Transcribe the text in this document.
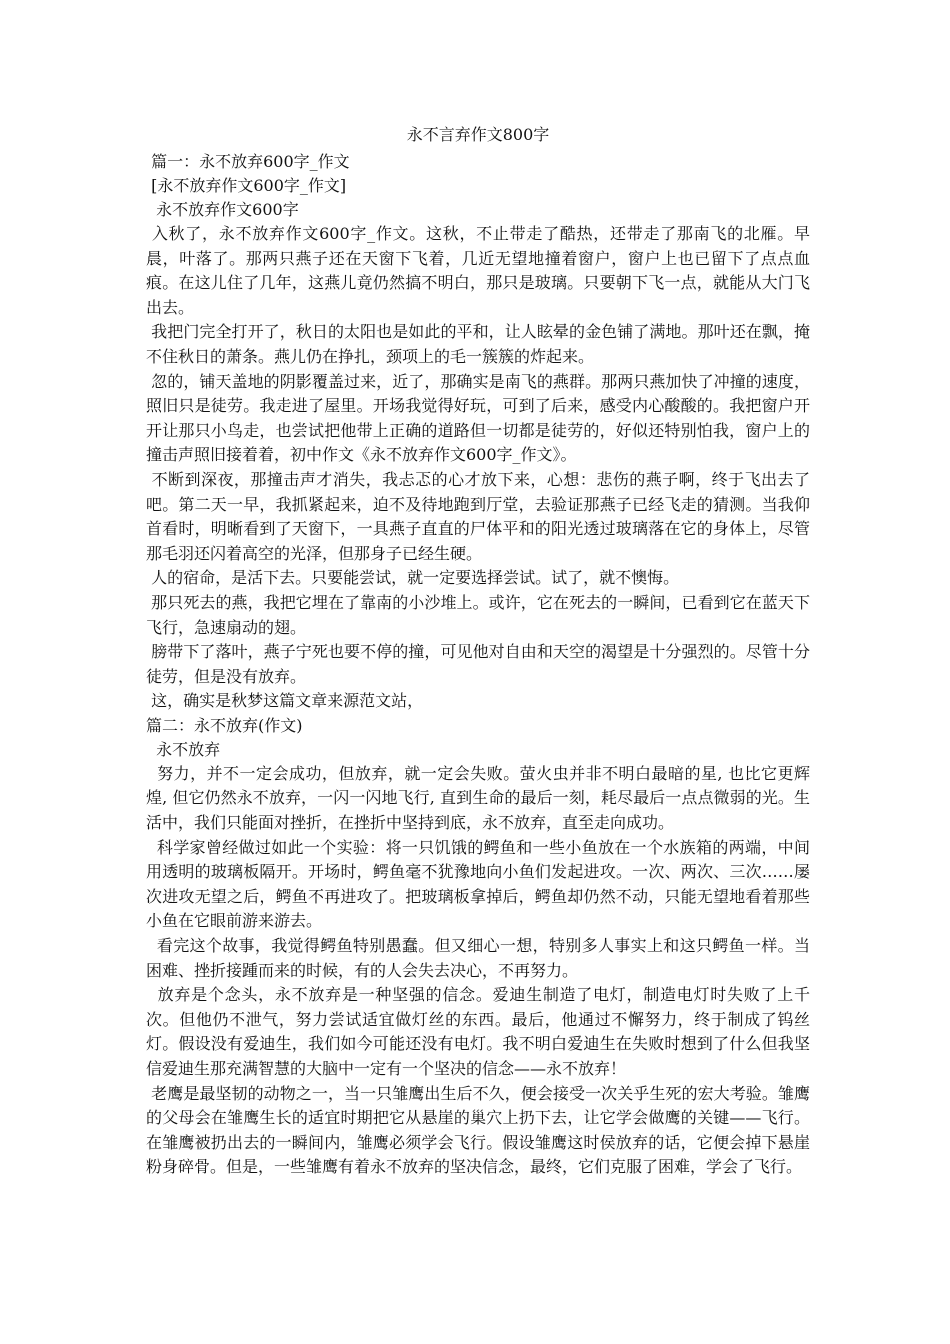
永不言弃作文800字
篇一：永不放弃600字_作文
[永不放弃作文600字_作文]
永不放弃作文600字

入秋了，永不放弃作文600字_作文。这秋，不止带走了酷热，还带走了那南飞的北雁。早晨，叶落了。那两只燕子还在天窗下飞着，几近无望地撞着窗户，窗户上也已留下了点点血痕。在这儿住了几年，这燕儿竟仍然搞不明白，那只是玻璃。只要朝下飞一点，就能从大门飞出去。

我把门完全打开了，秋日的太阳也是如此的平和，让人眩晕的金色铺了满地。那叶还在飘，掩不住秋日的萧条。燕儿仍在挣扎，颈项上的毛一簇簇的炸起来。

忽的，铺天盖地的阴影覆盖过来，近了，那确实是南飞的燕群。那两只燕加快了冲撞的速度，照旧只是徒劳。我走进了屋里。开场我觉得好玩，可到了后来，感受内心酸酸的。我把窗户开开让那只小鸟走，也尝试把他带上正确的道路但一切都是徒劳的，好似还特别怕我，窗户上的撞击声照旧接着着，初中作文《永不放弃作文600字_作文》。

不断到深夜，那撞击声才消失，我忐忑的心才放下来，心想：悲伤的燕子啊，终于飞出去了吧。第二天一早，我抓紧起来，迫不及待地跑到厅堂，去验证那燕子已经飞走的猜测。当我仰首看时，明晰看到了天窗下，一具燕子直直的尸体平和的阳光透过玻璃落在它的身体上，尽管那毛羽还闪着高空的光泽，但那身子已经生硬。

人的宿命，是活下去。只要能尝试，就一定要选择尝试。试了，就不懊悔。

那只死去的燕，我把它埋在了靠南的小沙堆上。或许，它在死去的一瞬间，已看到它在蓝天下飞行，急速扇动的翅。

膀带下了落叶，燕子宁死也要不停的撞，可见他对自由和天空的渴望是十分强烈的。尽管十分徒劳，但是没有放弃。

这，确实是秋梦这篇文章来源范文站，

篇二：永不放弃(作文)
永不放弃

努力，并不一定会成功，但放弃，就一定会失败。萤火虫并非不明白最暗的星, 也比它更辉煌, 但它仍然永不放弃，一闪一闪地飞行, 直到生命的最后一刻，耗尽最后一点点微弱的光。生活中，我们只能面对挫折，在挫折中坚持到底，永不放弃，直至走向成功。

科学家曾经做过如此一个实验：将一只饥饿的鳄鱼和一些小鱼放在一个水族箱的两端，中间用透明的玻璃板隔开。开场时，鳄鱼毫不犹豫地向小鱼们发起进攻。一次、两次、三次……屡次进攻无望之后，鳄鱼不再进攻了。把玻璃板拿掉后，鳄鱼却仍然不动，只能无望地看着那些小鱼在它眼前游来游去。

看完这个故事，我觉得鳄鱼特别愚蠢。但又细心一想，特别多人事实上和这只鳄鱼一样。当困难、挫折接踵而来的时候，有的人会失去决心，不再努力。

放弃是个念头，永不放弃是一种坚强的信念。爱迪生制造了电灯，制造电灯时失败了上千次。但他仍不泄气，努力尝试适宜做灯丝的东西。最后，他通过不懈努力，终于制成了钨丝灯。假设没有爱迪生，我们如今可能还没有电灯。我不明白爱迪生在失败时想到了什么但我坚信爱迪生那充满智慧的大脑中一定有一个坚决的信念——永不放弃！

老鹰是最坚韧的动物之一，当一只雏鹰出生后不久，便会接受一次关乎生死的宏大考验。雏鹰的父母会在雏鹰生长的适宜时期把它从悬崖的巢穴上扔下去，让它学会做鹰的关键——飞行。在雏鹰被扔出去的一瞬间内，雏鹰必须学会飞行。假设雏鹰这时侯放弃的话，它便会掉下悬崖粉身碎骨。但是，一些雏鹰有着永不放弃的坚决信念，最终，它们克服了困难，学会了飞行。
